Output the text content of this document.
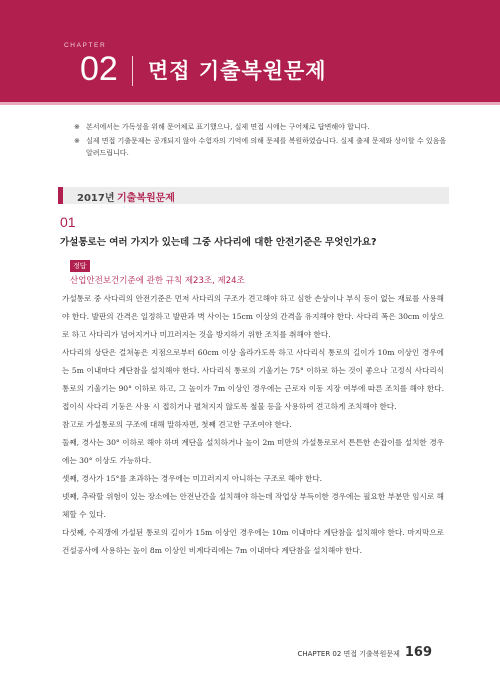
CHAPTER
02 면접 기출복원문제
※ 본서에서는 가독성을 위해 문어체로 표기했으나, 실제 면접 시에는 구어체로 답변해야 합니다.
※ 실제 면접 기출문제는 공개되지 않아 수험자의 기억에 의해 문제를 복원하였습니다. 실제 출제 문제와 상이할 수 있음을 알려드립니다.
2017년 기출복원문제
01
가설통로는 여러 가지가 있는데 그중 사다리에 대한 안전기준은 무엇인가요?
정답
산업안전보건기준에 관한 규칙 제23조, 제24조

가설통로 중 사다리의 안전기준은 먼저 사다리의 구조가 견고해야 하고 심한 손상이나 부식 등이 없는 재료를 사용해야 한다. 발판의 간격은 일정하고 발판과 벽 사이는 15cm 이상의 간격을 유지해야 한다. 사다리 폭은 30cm 이상으로 하고 사다리가 넘어지거나 미끄러지는 것을 방지하기 위한 조치를 취해야 한다.

사다리의 상단은 걸쳐놓은 지점으로부터 60cm 이상 올라가도록 하고 사다리식 통로의 길이가 10m 이상인 경우에는 5m 이내마다 계단참을 설치해야 한다. 사다리식 통로의 기울기는 75° 이하로 하는 것이 좋으나 고정식 사다리식 통로의 기울기는 90° 이하로 하고, 그 높이가 7m 이상인 경우에는 근로자 이동 지장 여부에 따른 조치를 해야 한다. 접이식 사다리 기둥은 사용 시 접히거나 펼쳐지지 않도록 철물 등을 사용하여 견고하게 조치해야 한다.

참고로 가설통로의 구조에 대해 말하자면, 첫째 견고한 구조여야 한다.

둘째, 경사는 30° 이하로 해야 하며 계단을 설치하거나 높이 2m 미만의 가설통로로서 튼튼한 손잡이를 설치한 경우에는 30° 이상도 가능하다.

셋째, 경사가 15°를 초과하는 경우에는 미끄러지지 아니하는 구조로 해야 한다.

넷째, 추락할 위험이 있는 장소에는 안전난간을 설치해야 하는데 작업상 부득이한 경우에는 필요한 부분만 임시로 해체할 수 있다.

다섯째, 수직갱에 가설된 통로의 길이가 15m 이상인 경우에는 10m 이내마다 계단참을 설치해야 한다. 마지막으로 건설공사에 사용하는 높이 8m 이상인 비계다리에는 7m 이내마다 계단참을 설치해야 한다.

CHAPTER 02 면접 기출복원문제 169
